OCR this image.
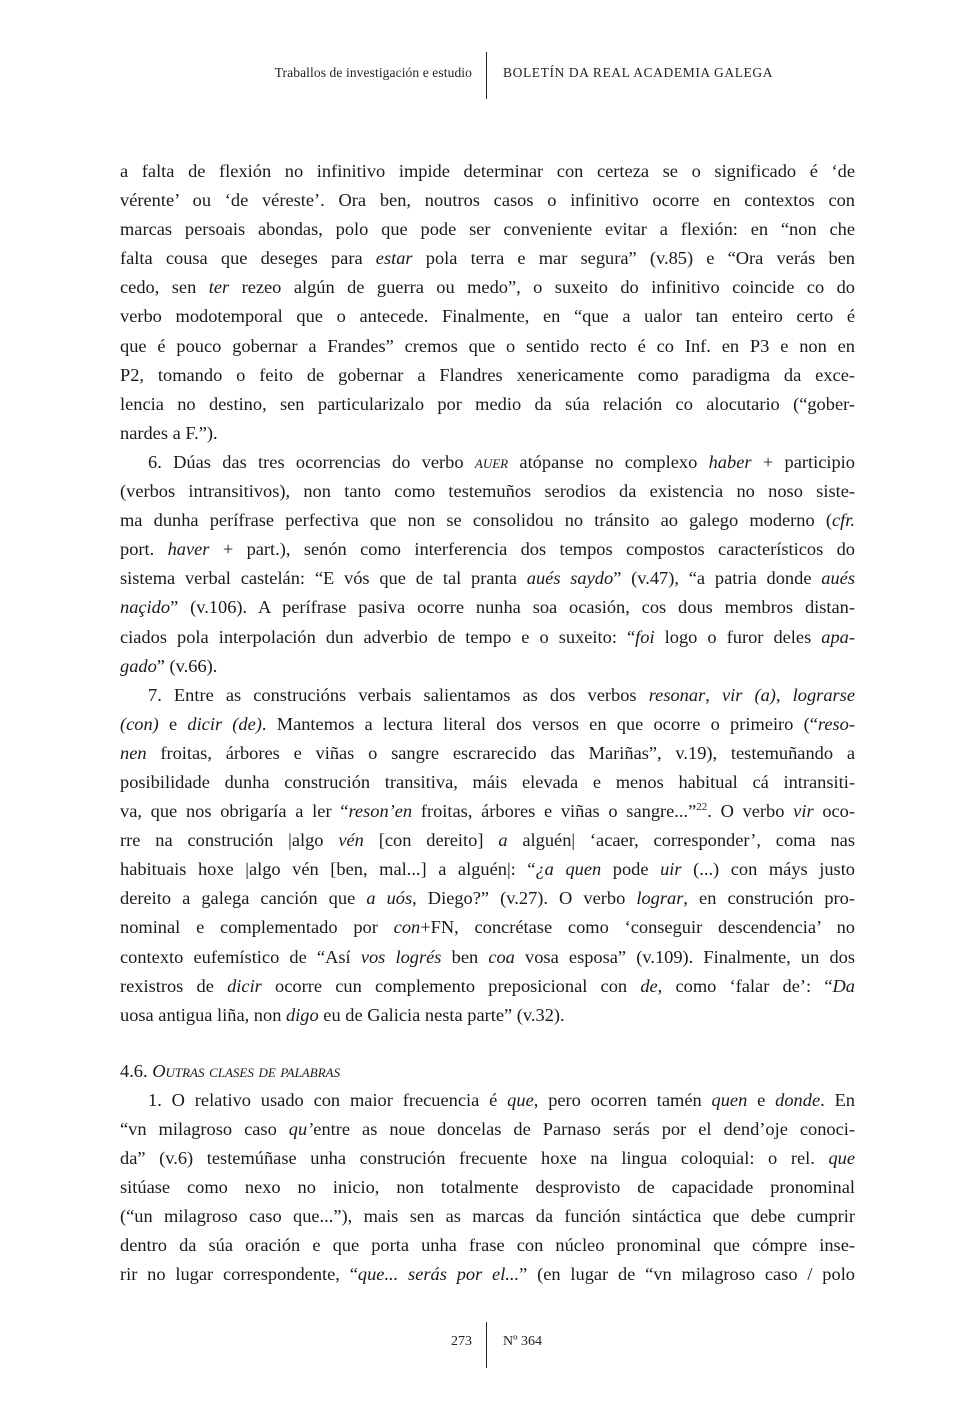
Traballos de investigación e estudio BOLETÍN DA REAL ACADEMIA GALEGA
a falta de flexión no infinitivo impide determinar con certeza se o significado é ‘de
vérente’ ou ‘de véreste’. Ora ben, noutros casos o infinitivo ocorre en contextos con
marcas persoais abondas, polo que pode ser conveniente evitar a flexión: en “non che
falta cousa que deseges para estar pola terra e mar segura” (v.85) e “Ora verás ben
cedo, sen ter rezeo algún de guerra ou medo”, o suxeito do infinitivo coincide co do
verbo modotemporal que o antecede. Finalmente, en “que a ualor tan enteiro certo é
que é pouco gobernar a Frandes” cremos que o sentido recto é co Inf. en P3 e non en
P2, tomando o feito de gobernar a Flandres xenericamente como paradigma da exce-
lencia no destino, sen particularizalo por medio da súa relación co alocutario (“gober-
nardes a F.”).
6. Dúas das tres ocorrencias do verbo auer atópanse no complexo haber + participio
(verbos intransitivos), non tanto como testemuños serodios da existencia no noso siste-
ma dunha perífrase perfectiva que non se consolidou no tránsito ao galego moderno (cfr.
port. haver + part.), senón como interferencia dos tempos compostos característicos do
sistema verbal castelán: “E vós que de tal pranta aués saydo” (v.47), “a patria donde aués
naçido” (v.106). A perífrase pasiva ocorre nunha soa ocasión, cos dous membros distan-
ciados pola interpolación dun adverbio de tempo e o suxeito: “foi logo o furor deles apa-
gado” (v.66).
7. Entre as construcións verbais salientamos as dos verbos resonar, vir (a), lograrse
(con) e dicir (de). Mantemos a lectura literal dos versos en que ocorre o primeiro (“reso-
nen froitas, árbores e viñas o sangre escrarecido das Mariñas”, v.19), testemuñando a
posibilidade dunha construción transitiva, máis elevada e menos habitual cá intransiti-
va, que nos obrigaría a ler “reson’en froitas, árbores e viñas o sangre...”$^{22}$. O verbo vir oco-
rre na construción |algo vén [con dereito] a alguén| ‘acaer, corresponder’, coma nas
habituais hoxe |algo vén [ben, mal...] a alguén|: “¿a quen pode uir (...) con máys justo
dereito a galega canción que a uós, Diego?” (v.27). O verbo lograr, en construción pro-
nominal e complementado por con+FN, concrétase como ‘conseguir descendencia’ no
contexto eufemístico de “Así vos logrés ben coa vosa esposa” (v.109). Finalmente, un dos
rexistros de dicir ocorre cun complemento preposicional con de, como ‘falar de’: “Da
uosa antigua liña, non digo eu de Galicia nesta parte” (v.32).
4.6. Outras clases de palabras
1. O relativo usado con maior frecuencia é que, pero ocorren tamén quen e donde. En
“vn milagroso caso qu’entre as noue doncelas de Parnaso serás por el dend’oje conoci-
da” (v.6) testemúñase unha construción frecuente hoxe na lingua coloquial: o rel. que
sitúase como nexo no inicio, non totalmente desprovisto de capacidade pronominal
(“un milagroso caso que...”), mais sen as marcas da función sintáctica que debe cumprir
dentro da súa oración e que porta unha frase con núcleo pronominal que cómpre inse-
rir no lugar correspondente, “que... serás por el...” (en lugar de “vn milagroso caso / polo
273 Nº 364
